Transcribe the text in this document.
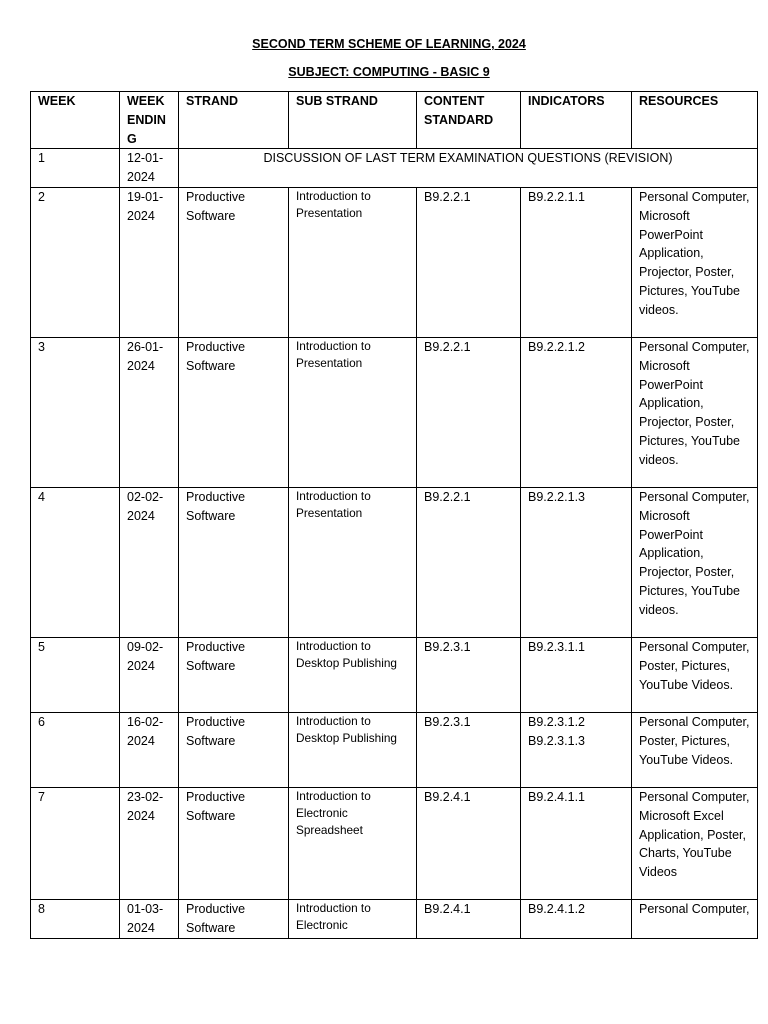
SECOND TERM SCHEME OF LEARNING, 2024
SUBJECT: COMPUTING - BASIC 9
WEEK	WEEK ENDIN G	STRAND	SUB STRAND	CONTENT STANDARD	INDICATORS	RESOURCES
1	12-01-2024	DISCUSSION OF LAST TERM EXAMINATION QUESTIONS (REVISION)				
2	19-01-2024	Productive Software	Introduction to Presentation	B9.2.2.1	B9.2.2.1.1	Personal Computer, Microsoft PowerPoint Application, Projector, Poster, Pictures, YouTube videos.
3	26-01-2024	Productive Software	Introduction to Presentation	B9.2.2.1	B9.2.2.1.2	Personal Computer, Microsoft PowerPoint Application, Projector, Poster, Pictures, YouTube videos.
4	02-02-2024	Productive Software	Introduction to Presentation	B9.2.2.1	B9.2.2.1.3	Personal Computer, Microsoft PowerPoint Application, Projector, Poster, Pictures, YouTube videos.
5	09-02-2024	Productive Software	Introduction to Desktop Publishing	B9.2.3.1	B9.2.3.1.1	Personal Computer, Poster, Pictures, YouTube Videos.
6	16-02-2024	Productive Software	Introduction to Desktop Publishing	B9.2.3.1	B9.2.3.1.2 B9.2.3.1.3	Personal Computer, Poster, Pictures, YouTube Videos.
7	23-02-2024	Productive Software	Introduction to Electronic Spreadsheet	B9.2.4.1	B9.2.4.1.1	Personal Computer, Microsoft Excel Application, Poster, Charts, YouTube Videos
8	01-03-2024	Productive Software	Introduction to Electronic	B9.2.4.1	B9.2.4.1.2	Personal Computer,
